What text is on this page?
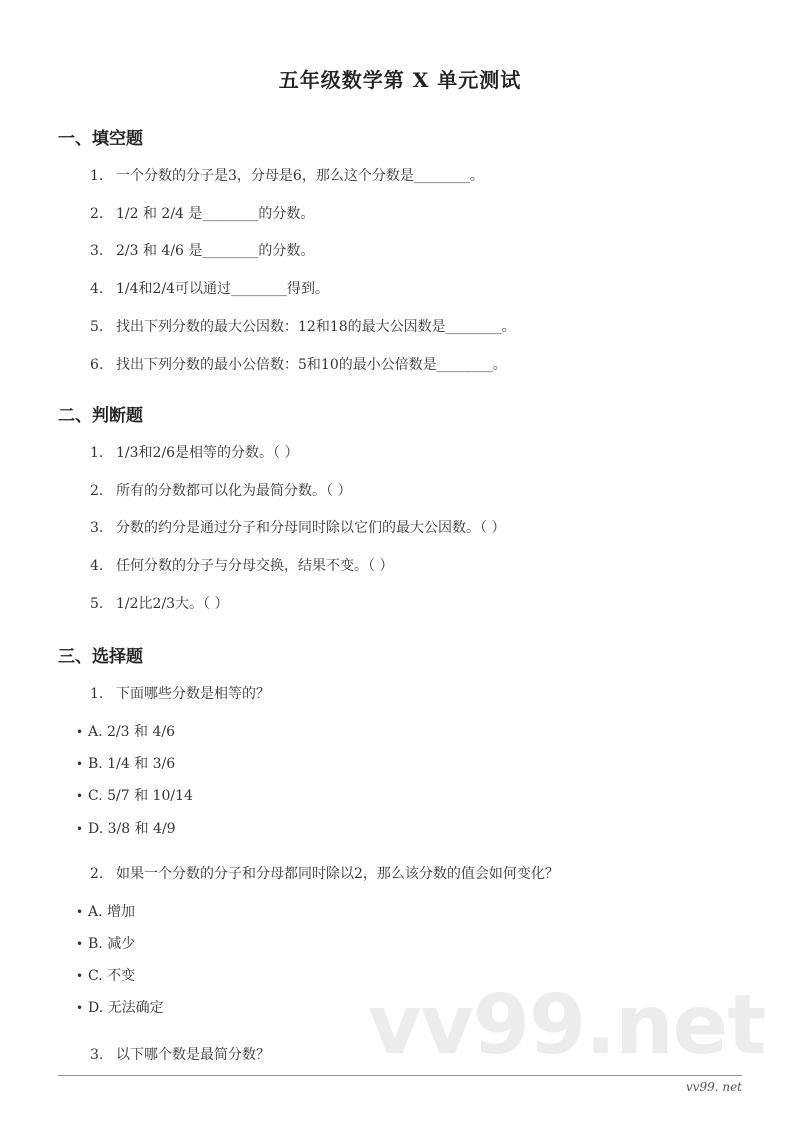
vv99.net
五年级数学第 X 单元测试
一、填空题
1. 一个分数的分子是3，分母是6，那么这个分数是________。
2. 1/2 和 2/4 是________的分数。
3. 2/3 和 4/6 是________的分数。
4. 1/4和2/4可以通过________得到。
5. 找出下列分数的最大公因数：12和18的最大公因数是________。
6. 找出下列分数的最小公倍数：5和10的最小公倍数是________。
二、判断题
1. 1/3和2/6是相等的分数。（ ）
2. 所有的分数都可以化为最简分数。（ ）
3. 分数的约分是通过分子和分母同时除以它们的最大公因数。（ ）
4. 任何分数的分子与分母交换，结果不变。（ ）
5. 1/2比2/3大。（ ）
三、选择题
1. 下面哪些分数是相等的？
• A. 2/3 和 4/6
• B. 1/4 和 3/6
• C. 5/7 和 10/14
• D. 3/8 和 4/9
2. 如果一个分数的分子和分母都同时除以2，那么该分数的值会如何变化？
• A. 增加
• B. 减少
• C. 不变
• D. 无法确定
3. 以下哪个数是最简分数？
vv99. net
